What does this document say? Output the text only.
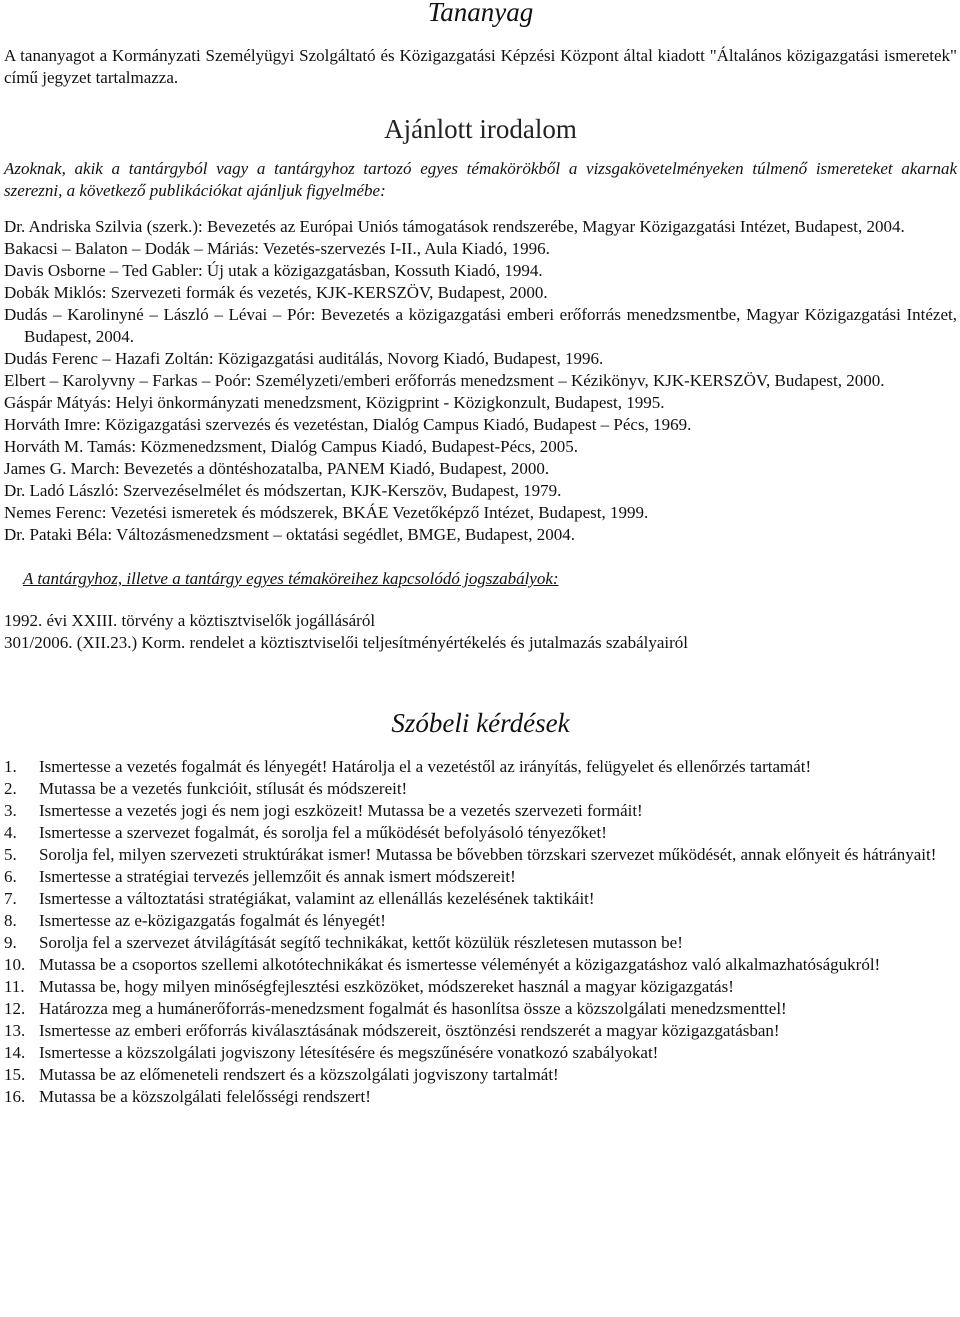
Tananyag

A tananyagot a Kormányzati Személyügyi Szolgáltató és Közigazgatási Képzési Központ által kiadott "Általános közigazgatási ismeretek" című jegyzet tartalmazza.

Ajánlott irodalom

Azoknak, akik a tantárgyból vagy a tantárgyhoz tartozó egyes témakörökből a vizsgakövetelményeken túlmenő ismereteket akarnak szerezni, a következő publikációkat ajánljuk figyelmébe:

Dr. Andriska Szilvia (szerk.): Bevezetés az Európai Uniós támogatások rendszerébe, Magyar Közigazgatási Intézet, Budapest, 2004.
Bakacsi – Balaton – Dodák – Máriás: Vezetés-szervezés I-II., Aula Kiadó, 1996.
Davis Osborne – Ted Gabler: Új utak a közigazgatásban, Kossuth Kiadó, 1994.
Dobák Miklós: Szervezeti formák és vezetés, KJK-KERSZÖV, Budapest, 2000.
Dudás – Karolinyné – László – Lévai – Pór: Bevezetés a közigazgatási emberi erőforrás menedzsmentbe, Magyar Közigazgatási Intézet, Budapest, 2004.
Dudás Ferenc – Hazafi Zoltán: Közigazgatási auditálás, Novorg Kiadó, Budapest, 1996.
Elbert – Karolyvny – Farkas – Poór: Személyzeti/emberi erőforrás menedzsment – Kézikönyv, KJK-KERSZÖV, Budapest, 2000.
Gáspár Mátyás: Helyi önkormányzati menedzsment, Közigprint - Közigkonzult, Budapest, 1995.
Horváth Imre: Közigazgatási szervezés és vezetéstan, Dialóg Campus Kiadó, Budapest – Pécs, 1969.
Horváth M. Tamás: Közmenedzsment, Dialóg Campus Kiadó, Budapest-Pécs, 2005.
James G. March: Bevezetés a döntéshozatalba, PANEM Kiadó, Budapest, 2000.
Dr. Ladó László: Szervezéselmélet és módszertan, KJK-Kerszöv, Budapest, 1979.
Nemes Ferenc: Vezetési ismeretek és módszerek, BKÁE Vezetőképző Intézet, Budapest, 1999.
Dr. Pataki Béla: Változásmenedzsment – oktatási segédlet, BMGE, Budapest, 2004.

A tantárgyhoz, illetve a tantárgy egyes témaköreihez kapcsolódó jogszabályok:

1992. évi XXIII. törvény a köztisztviselők jogállásáról
301/2006. (XII.23.) Korm. rendelet a köztisztviselői teljesítményértékelés és jutalmazás szabályairól
Szóbeli kérdések
1.	Ismertesse a vezetés fogalmát és lényegét! Határolja el a vezetéstől az irányítás, felügyelet és ellenőrzés tartamát!
2.	Mutassa be a vezetés funkcióit, stílusát és módszereit!
3.	Ismertesse a vezetés jogi és nem jogi eszközeit! Mutassa be a vezetés szervezeti formáit!
4.	Ismertesse a szervezet fogalmát, és sorolja fel a működését befolyásoló tényezőket!
5.	Sorolja fel, milyen szervezeti struktúrákat ismer! Mutassa be bővebben törzskari szervezet működését, annak előnyeit és hátrányait!
6.	Ismertesse a stratégiai tervezés jellemzőit és annak ismert módszereit!
7.	Ismertesse a változtatási stratégiákat, valamint az ellenállás kezelésének taktikáit!
8.	Ismertesse az e-közigazgatás fogalmát és lényegét!
9.	Sorolja fel a szervezet átvilágítását segítő technikákat, kettőt közülük részletesen mutasson be!
10. Mutassa be a csoportos szellemi alkotótechnikákat és ismertesse véleményét a közigazgatáshoz való alkalmazhatóságukról!
11. Mutassa be, hogy milyen minőségfejlesztési eszközöket, módszereket használ a magyar közigazgatás!
12. Határozza meg a humánerőforrás-menedzsment fogalmát és hasonlítsa össze a közszolgálati menedzsmenttel!
13. Ismertesse az emberi erőforrás kiválasztásának módszereit, ösztönzési rendszerét a magyar közigazgatásban!
14. Ismertesse a közszolgálati jogviszony létesítésére és megszűnésére vonatkozó szabályokat!
15. Mutassa be az előmeneteli rendszert és a közszolgálati jogviszony tartalmát!
16. Mutassa be a közszolgálati felelősségi rendszert!
